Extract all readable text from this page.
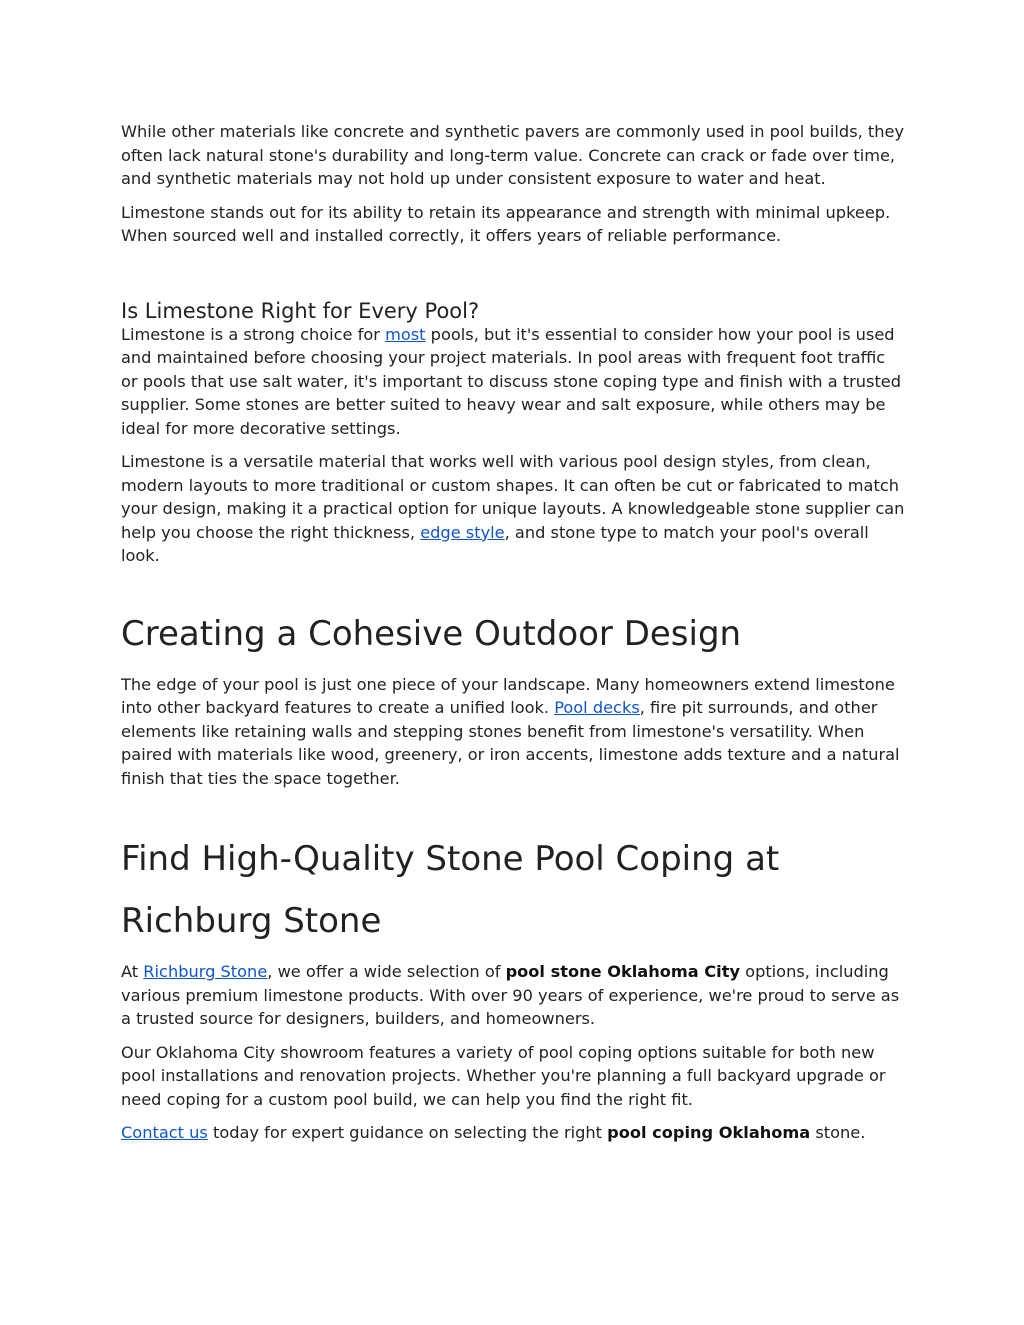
While other materials like concrete and synthetic pavers are commonly used in pool builds, they often lack natural stone's durability and long-term value. Concrete can crack or fade over time, and synthetic materials may not hold up under consistent exposure to water and heat.

Limestone stands out for its ability to retain its appearance and strength with minimal upkeep. When sourced well and installed correctly, it offers years of reliable performance.

Is Limestone Right for Every Pool?

Limestone is a strong choice for most pools, but it's essential to consider how your pool is used and maintained before choosing your project materials. In pool areas with frequent foot traffic or pools that use salt water, it's important to discuss stone coping type and finish with a trusted supplier. Some stones are better suited to heavy wear and salt exposure, while others may be ideal for more decorative settings.

Limestone is a versatile material that works well with various pool design styles, from clean, modern layouts to more traditional or custom shapes. It can often be cut or fabricated to match your design, making it a practical option for unique layouts. A knowledgeable stone supplier can help you choose the right thickness, edge style, and stone type to match your pool's overall look.

Creating a Cohesive Outdoor Design

The edge of your pool is just one piece of your landscape. Many homeowners extend limestone into other backyard features to create a unified look. Pool decks, fire pit surrounds, and other elements like retaining walls and stepping stones benefit from limestone's versatility. When paired with materials like wood, greenery, or iron accents, limestone adds texture and a natural finish that ties the space together.

Find High-Quality Stone Pool Coping at
Richburg Stone

At Richburg Stone, we offer a wide selection of pool stone Oklahoma City options, including various premium limestone products. With over 90 years of experience, we're proud to serve as a trusted source for designers, builders, and homeowners.

Our Oklahoma City showroom features a variety of pool coping options suitable for both new pool installations and renovation projects. Whether you're planning a full backyard upgrade or need coping for a custom pool build, we can help you find the right fit.

Contact us today for expert guidance on selecting the right pool coping Oklahoma stone.
